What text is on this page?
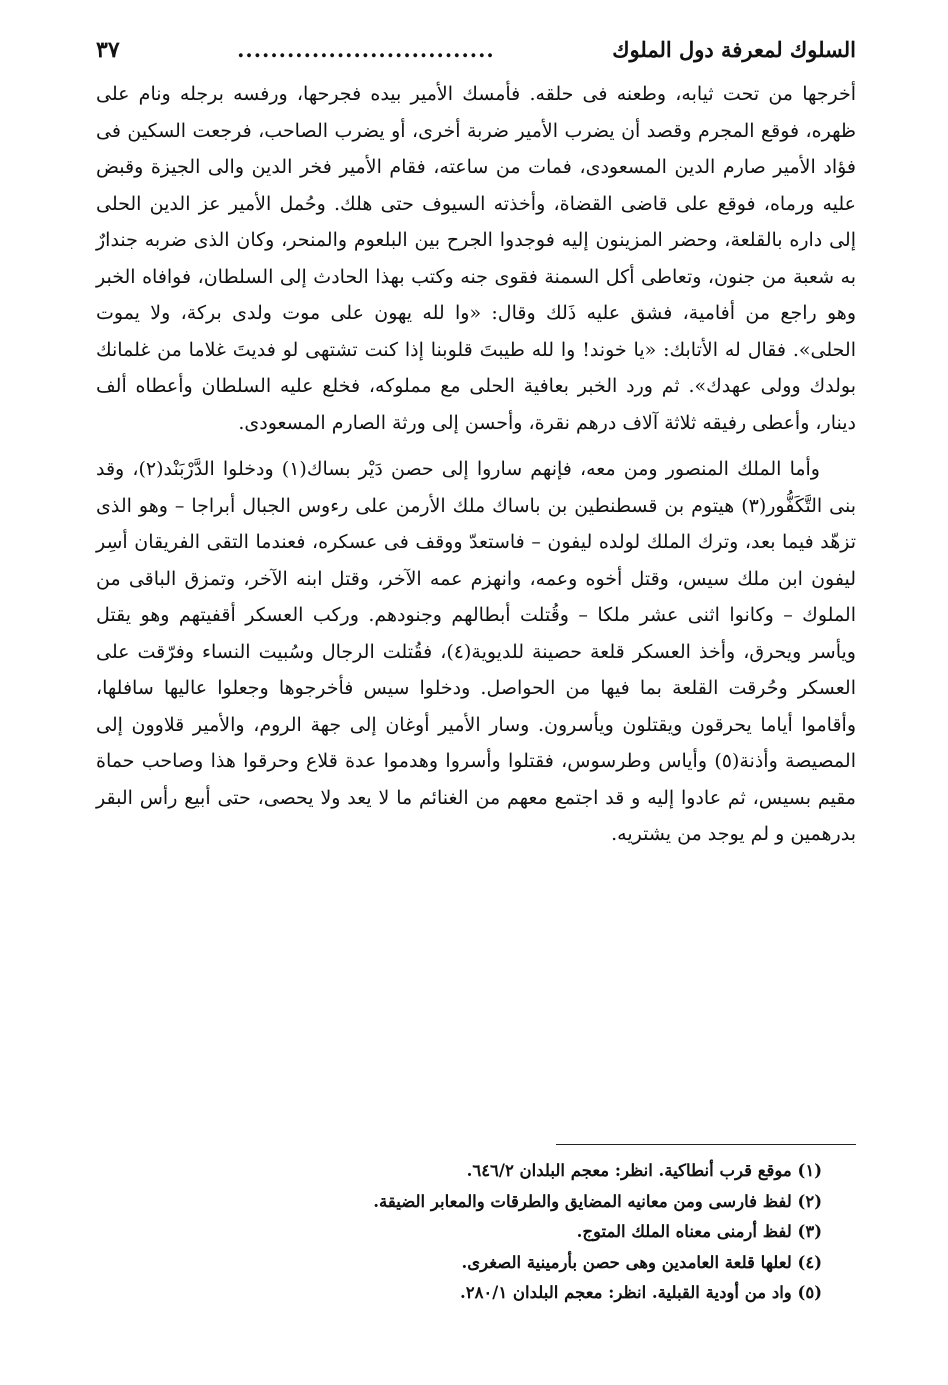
السلوك لمعرفة دول الملوك
...............................
٣٧

أخرجها من تحت ثيابه، وطعنه فى حلقه. فأمسك الأمير بيده فجرحها، ورفسه برجله ونام على ظهره، فوقع المجرم وقصد أن يضرب الأمير ضربة أخرى، أو يضرب الصاحب، فرجعت السكين فى فؤاد الأمير صارم الدين المسعودى، فمات من ساعته، فقام الأمير فخر الدين والى الجيزة وقبض عليه ورماه، فوقع على قاضى القضاة، وأخذته السيوف حتى هلك. وحُمل الأمير عز الدين الحلى إلى داره بالقلعة، وحضر المزينون إليه فوجدوا الجرح بين البلعوم والمنحر، وكان الذى ضربه جندارٌ به شعبة من جنون، وتعاطى أكل السمنة فقوى جنه وكتب بهذا الحادث إلى السلطان، فوافاه الخبر وهو راجع من أفامية، فشق عليه ذَلك وقال: «وا لله يهون على موت ولدى بركة، ولا يموت الحلى». فقال له الأتابك: «يا خوند! وا لله طيبتَ قلوبنا إذا كنت تشتهى لو فديتَ غلاما من غلمانك بولدك وولى عهدك». ثم ورد الخبر بعافية الحلى مع مملوكه، فخلع عليه السلطان وأعطاه ألف دينار، وأعطى رفيقه ثلاثة آلاف درهم نقرة، وأحسن إلى ورثة الصارم المسعودى.

وأما الملك المنصور ومن معه، فإنهم ساروا إلى حصن دَيْر بساك(١) ودخلوا الدَّرْبَنْد(٢)، وقد بنى التَّكَفُّور(٣) هيتوم بن قسطنطين بن باساك ملك الأرمن على رءوس الجبال أبراجا – وهو الذى تزهّد فيما بعد، وترك الملك لولده ليفون – فاستعدّ ووقف فى عسكره، فعندما التقى الفريقان أسِر ليفون ابن ملك سيس، وقتل أخوه وعمه، وانهزم عمه الآخر، وقتل ابنه الآخر، وتمزق الباقى من الملوك – وكانوا اثنى عشر ملكا – وقُتلت أبطالهم وجنودهم. وركب العسكر أقفيتهم وهو يقتل ويأسر ويحرق، وأخذ العسكر قلعة حصينة للديوية(٤)، فقُتلت الرجال وسُبيت النساء وفرّقت على العسكر وحُرقت القلعة بما فيها من الحواصل. ودخلوا سيس فأخرجوها وجعلوا عاليها سافلها، وأقاموا أياما يحرقون ويقتلون ويأسرون. وسار الأمير أوغان إلى جهة الروم، والأمير قلاوون إلى المصيصة وأذنة(٥) وأياس وطرسوس، فقتلوا وأسروا وهدموا عدة قلاع وحرقوا هذا وصاحب حماة مقيم بسيس، ثم عادوا إليه و قد اجتمع معهم من الغنائم ما لا يعد ولا يحصى، حتى أبيع رأس البقر بدرهمين و لم يوجد من يشتريه.

(١) موقع قرب أنطاكية. انظر: معجم البلدان ٦٤٦/٢.
(٢) لفظ فارسى ومن معانيه المضايق والطرقات والمعابر الضيقة.
(٣) لفظ أرمنى معناه الملك المتوج.
(٤) لعلها قلعة العامدين وهى حصن بأرمينية الصغرى.
(٥) واد من أودية القبلية. انظر: معجم البلدان ٢٨٠/١.
